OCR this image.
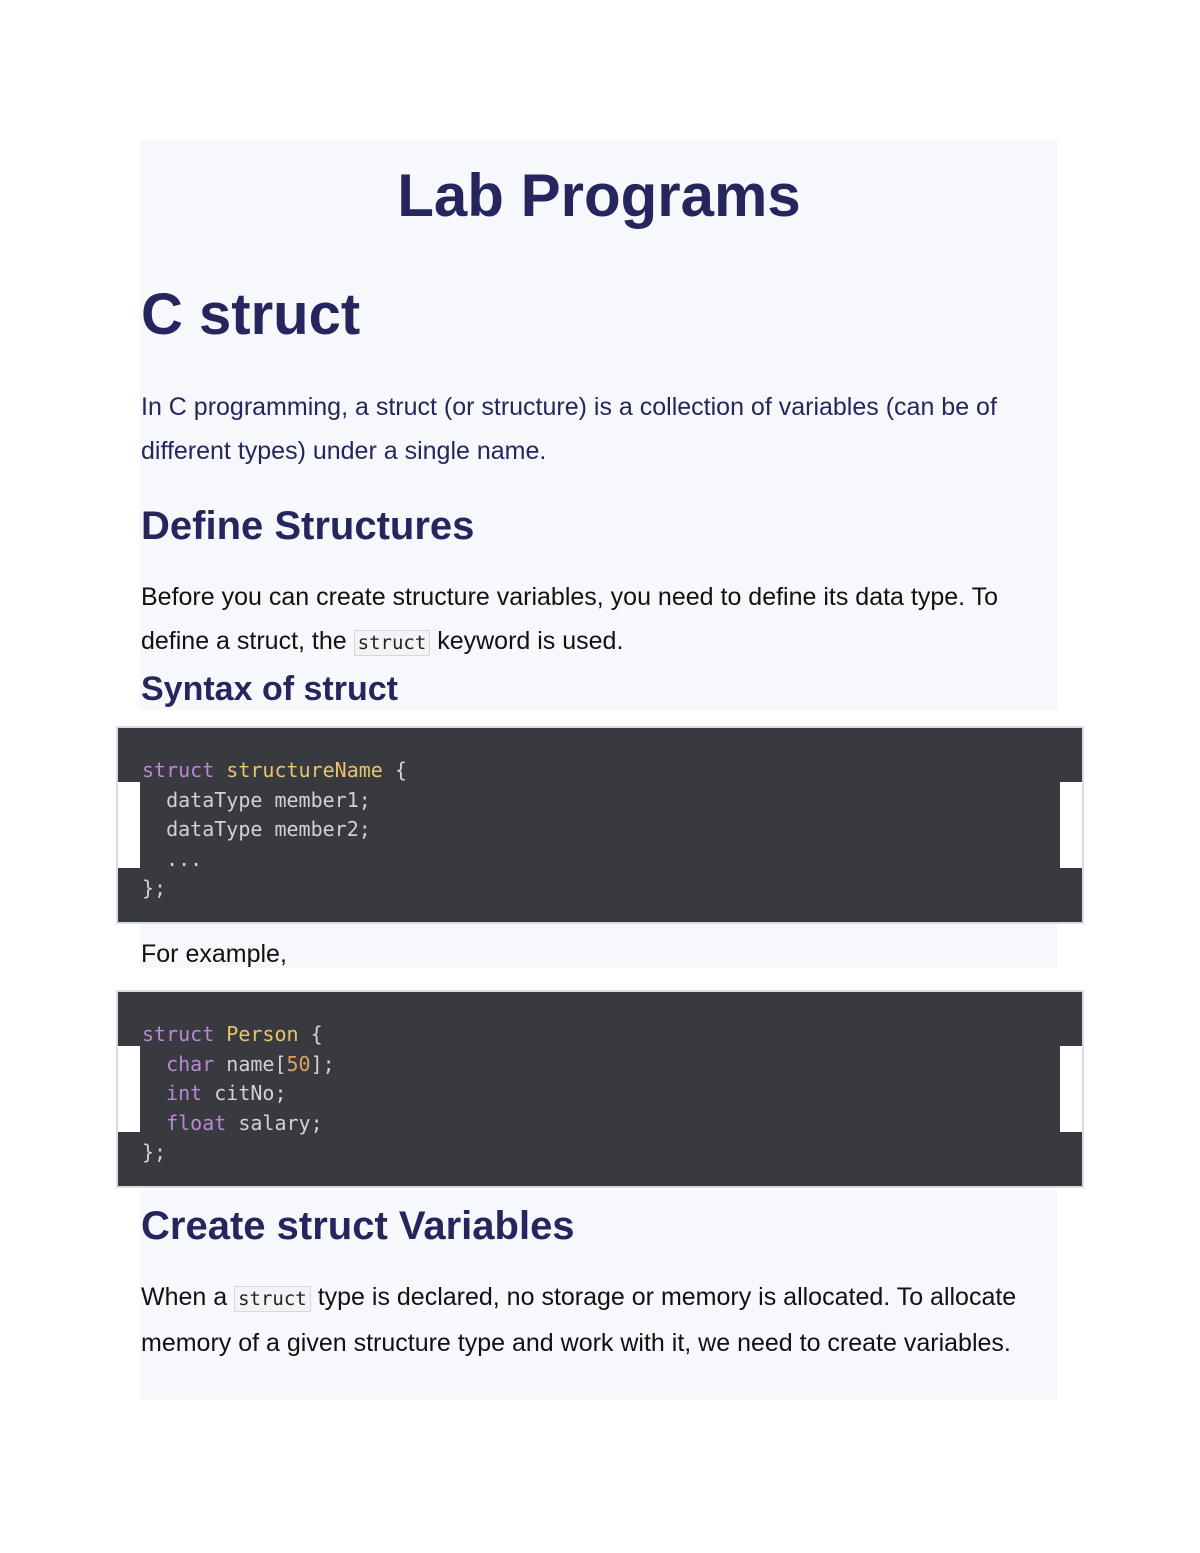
Lab Programs
C struct

In C programming, a struct (or structure) is a collection of variables (can be of different types) under a single name.

Define Structures

Before you can create structure variables, you need to define its data type. To define a struct, the struct keyword is used.

Syntax of struct
struct structureName {
dataType member1;
dataType member2;
...
};

For example,

struct Person {
char name[50];
int citNo;
float salary;
};
Create struct Variables

When a struct type is declared, no storage or memory is allocated. To allocate memory of a given structure type and work with it, we need to create variables.
